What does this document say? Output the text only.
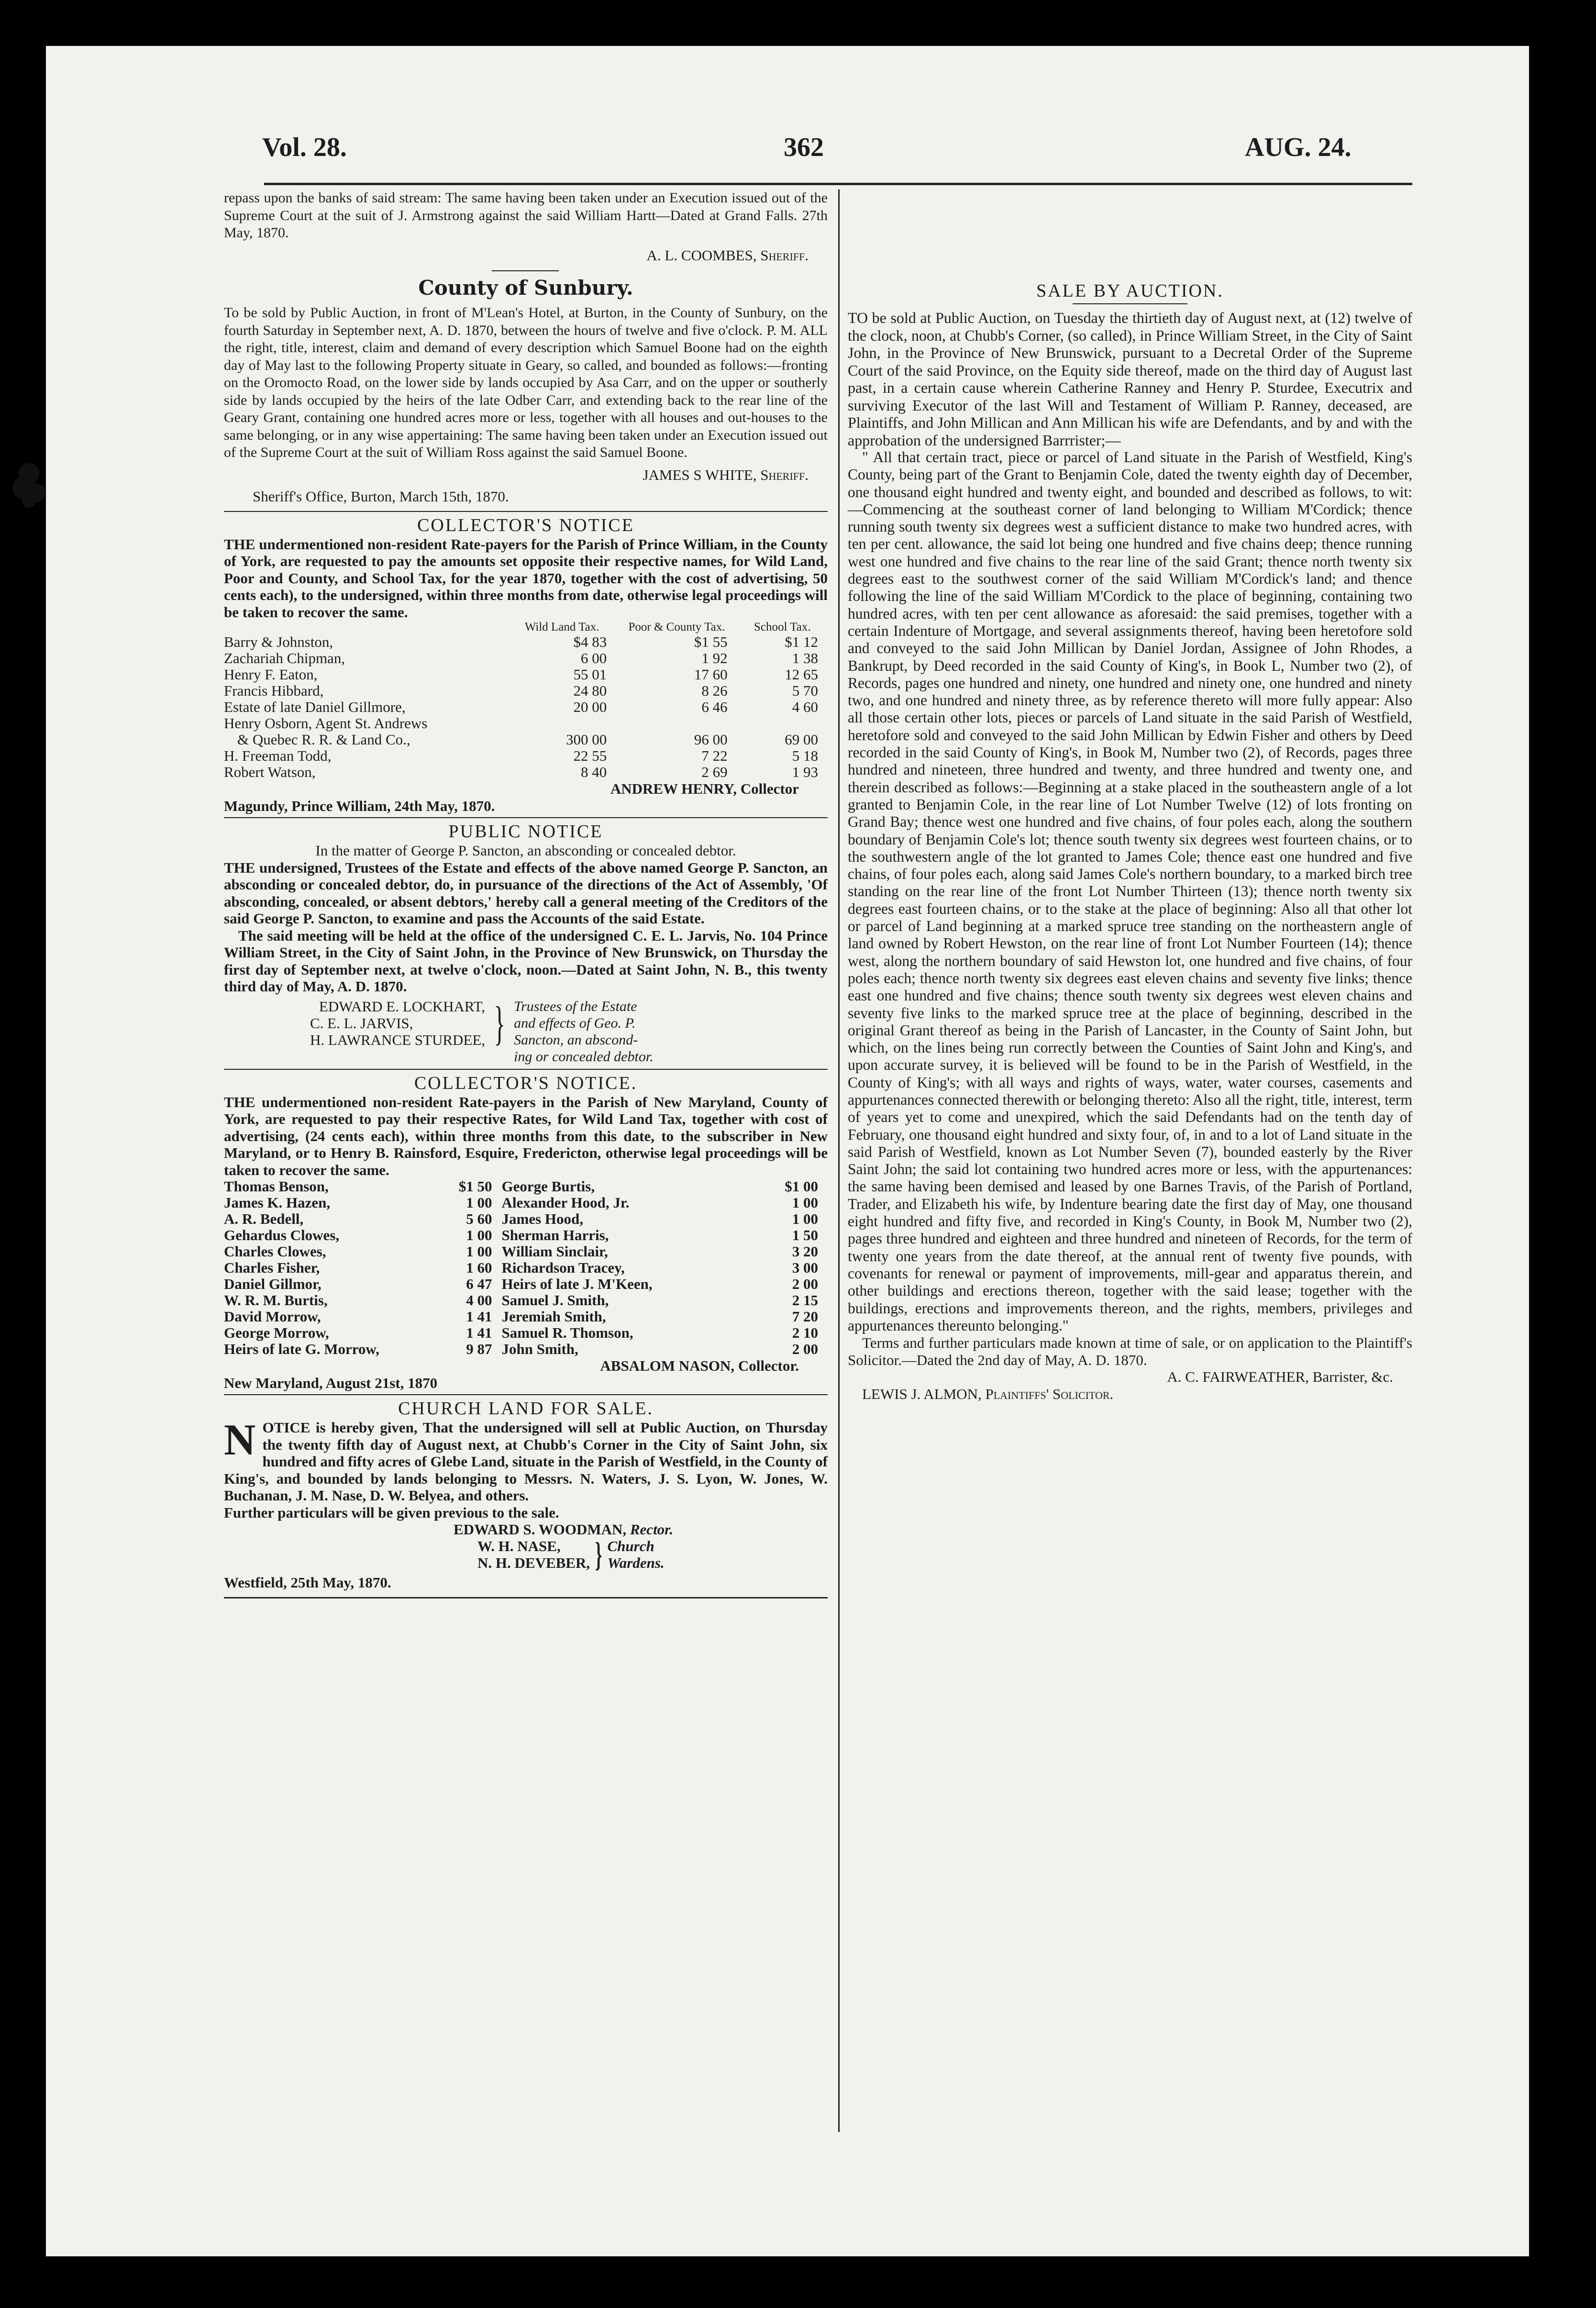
Vol. 28.	362	AUG. 24.

repass upon the banks of said stream: The same having been taken under an Execution issued out of the Supreme Court at the suit of J. Armstrong against the said William Hartt—Dated at Grand Falls. 27th May, 1870.

A. L. COOMBES, Sheriff.

County of Sunbury.

To be sold by Public Auction, in front of M'Lean's Hotel, at Burton, in the County of Sunbury, on the fourth Saturday in September next, A. D. 1870, between the hours of twelve and five o'clock. P. M. ALL the right, title, interest, claim and demand of every description which Samuel Boone had on the eighth day of May last to the following Property situate in Geary, so called, and bounded as follows:—fronting on the Oromocto Road, on the lower side by lands occupied by Asa Carr, and on the upper or southerly side by lands occupied by the heirs of the late Odber Carr, and extending back to the rear line of the Geary Grant, containing one hundred acres more or less, together with all houses and out-houses to the same belonging, or in any wise appertaining: The same having been taken under an Execution issued out of the Supreme Court at the suit of William Ross against the said Samuel Boone.

JAMES S WHITE, Sheriff.

Sheriff's Office, Burton, March 15th, 1870.

COLLECTOR'S NOTICE

THE undermentioned non-resident Rate-payers for the Parish of Prince William, in the County of York, are requested to pay the amounts set opposite their respective names, for Wild Land, Poor and County, and School Tax, for the year 1870, together with the cost of advertising, 50 cents each), to the undersigned, within three months from date, otherwise legal proceedings will be taken to recover the same.

	Wild Land Tax.	Poor & County Tax.	School Tax.
Barry & Johnston,	$4 83	$1 55	$1 12
Zachariah Chipman,	6 00	1 92	1 38
Henry F. Eaton,	55 01	17 60	12 65
Francis Hibbard,	24 80	8 26	5 70
Estate of late Daniel Gillmore,	20 00	6 46	4 60
Henry Osborn, Agent St. Andrews			
& Quebec R. R. & Land Co.,	300 00	96 00	69 00
H. Freeman Todd,	22 55	7 22	5 18
Robert Watson,	8 40	2 69	1 93

ANDREW HENRY, Collector

Magundy, Prince William, 24th May, 1870.

PUBLIC NOTICE

In the matter of George P. Sancton, an absconding or concealed debtor.

THE undersigned, Trustees of the Estate and effects of the above named George P. Sancton, an absconding or concealed debtor, do, in pursuance of the directions of the Act of Assembly, 'Of absconding, concealed, or absent debtors,' hereby call a general meeting of the Creditors of the said George P. Sancton, to examine and pass the Accounts of the said Estate.

The said meeting will be held at the office of the undersigned C. E. L. Jarvis, No. 104 Prince William Street, in the City of Saint John, in the Province of New Brunswick, on Thursday the first day of September next, at twelve o'clock, noon.—Dated at Saint John, N. B., this twenty third day of May, A. D. 1870.

EDWARD E. LOCKHART,
C. E. L. JARVIS,
H. LAWRANCE STURDEE, } Trustees of the Estate
and effects of Geo. P.
Sancton, an abscond-
ing or concealed debtor.

COLLECTOR'S NOTICE.

THE undermentioned non-resident Rate-payers in the Parish of New Maryland, County of York, are requested to pay their respective Rates, for Wild Land Tax, together with cost of advertising, (24 cents each), within three months from this date, to the subscriber in New Maryland, or to Henry B. Rainsford, Esquire, Fredericton, otherwise legal proceedings will be taken to recover the same.

Thomas Benson,	$1 50	George Burtis,	$1 00
James K. Hazen,	1 00	Alexander Hood, Jr.	1 00
A. R. Bedell,	5 60	James Hood,	1 00
Gehardus Clowes,	1 00	Sherman Harris,	1 50
Charles Clowes,	1 00	William Sinclair,	3 20
Charles Fisher,	1 60	Richardson Tracey,	3 00
Daniel Gillmor,	6 47	Heirs of late J. M'Keen,	2 00
W. R. M. Burtis,	4 00	Samuel J. Smith,	2 15
David Morrow,	1 41	Jeremiah Smith,	7 20
George Morrow,	1 41	Samuel R. Thomson,	2 10
Heirs of late G. Morrow,	9 87	John Smith,	2 00

ABSALOM NASON, Collector.

New Maryland, August 21st, 1870

CHURCH LAND FOR SALE.

N OTICE is hereby given, That the undersigned will sell at Public Auction, on Thursday the twenty fifth day of August next, at Chubb's Corner in the City of Saint John, six hundred and fifty acres of Glebe Land, situate in the Parish of Westfield, in the County of King's, and bounded by lands belonging to Messrs. N. Waters, J. S. Lyon, W. Jones, W. Buchanan, J. M. Nase, D. W. Belyea, and others.

Further particulars will be given previous to the sale.

EDWARD S. WOODMAN, Rector.
W. H. NASE,
N. H. DEVEBER, } Church
Wardens.

Westfield, 25th May, 1870.

SALE BY AUCTION.

TO be sold at Public Auction, on Tuesday the thirtieth day of August next, at (12) twelve of the clock, noon, at Chubb's Corner, (so called), in Prince William Street, in the City of Saint John, in the Province of New Brunswick, pursuant to a Decretal Order of the Supreme Court of the said Province, on the Equity side thereof, made on the third day of August last past, in a certain cause wherein Catherine Ranney and Henry P. Sturdee, Executrix and surviving Executor of the last Will and Testament of William P. Ranney, deceased, are Plaintiffs, and John Millican and Ann Millican his wife are Defendants, and by and with the approbation of the undersigned Barrrister;—

" All that certain tract, piece or parcel of Land situate in the Parish of Westfield, King's County, being part of the Grant to Benjamin Cole, dated the twenty eighth day of December, one thousand eight hundred and twenty eight, and bounded and described as follows, to wit:—Commencing at the southeast corner of land belonging to William M'Cordick; thence running south twenty six degrees west a sufficient distance to make two hundred acres, with ten per cent. allowance, the said lot being one hundred and five chains deep; thence running west one hundred and five chains to the rear line of the said Grant; thence north twenty six degrees east to the southwest corner of the said William M'Cordick's land; and thence following the line of the said William M'Cordick to the place of beginning, containing two hundred acres, with ten per cent allowance as aforesaid: the said premises, together with a certain Indenture of Mortgage, and several assignments thereof, having been heretofore sold and conveyed to the said John Millican by Daniel Jordan, Assignee of John Rhodes, a Bankrupt, by Deed recorded in the said County of King's, in Book L, Number two (2), of Records, pages one hundred and ninety, one hundred and ninety one, one hundred and ninety two, and one hundred and ninety three, as by reference thereto will more fully appear: Also all those certain other lots, pieces or parcels of Land situate in the said Parish of Westfield, heretofore sold and conveyed to the said John Millican by Edwin Fisher and others by Deed recorded in the said County of King's, in Book M, Number two (2), of Records, pages three hundred and nineteen, three hundred and twenty, and three hundred and twenty one, and therein described as follows:—Beginning at a stake placed in the southeastern angle of a lot granted to Benjamin Cole, in the rear line of Lot Number Twelve (12) of lots fronting on Grand Bay; thence west one hundred and five chains, of four poles each, along the southern boundary of Benjamin Cole's lot; thence south twenty six degrees west fourteen chains, or to the southwestern angle of the lot granted to James Cole; thence east one hundred and five chains, of four poles each, along said James Cole's northern boundary, to a marked birch tree standing on the rear line of the front Lot Number Thirteen (13); thence north twenty six degrees east fourteen chains, or to the stake at the place of beginning: Also all that other lot or parcel of Land beginning at a marked spruce tree standing on the northeastern angle of land owned by Robert Hewston, on the rear line of front Lot Number Fourteen (14); thence west, along the northern boundary of said Hewston lot, one hundred and five chains, of four poles each; thence north twenty six degrees east eleven chains and seventy five links; thence east one hundred and five chains; thence south twenty six degrees west eleven chains and seventy five links to the marked spruce tree at the place of beginning, described in the original Grant thereof as being in the Parish of Lancaster, in the County of Saint John, but which, on the lines being run correctly between the Counties of Saint John and King's, and upon accurate survey, it is believed will be found to be in the Parish of Westfield, in the County of King's; with all ways and rights of ways, water, water courses, casements and appurtenances connected therewith or belonging thereto: Also all the right, title, interest, term of years yet to come and unexpired, which the said Defendants had on the tenth day of February, one thousand eight hundred and sixty four, of, in and to a lot of Land situate in the said Parish of Westfield, known as Lot Number Seven (7), bounded easterly by the River Saint John; the said lot containing two hundred acres more or less, with the appurtenances: the same having been demised and leased by one Barnes Travis, of the Parish of Portland, Trader, and Elizabeth his wife, by Indenture bearing date the first day of May, one thousand eight hundred and fifty five, and recorded in King's County, in Book M, Number two (2), pages three hundred and eighteen and three hundred and nineteen of Records, for the term of twenty one years from the date thereof, at the annual rent of twenty five pounds, with covenants for renewal or payment of improvements, mill-gear and apparatus therein, and other buildings and erections thereon, together with the said lease; together with the buildings, erections and improvements thereon, and the rights, members, privileges and appurtenances thereunto belonging."

Terms and further particulars made known at time of sale, or on application to the Plaintiff's Solicitor.—Dated the 2nd day of May, A. D. 1870.

A. C. FAIRWEATHER, Barrister, &c.

LEWIS J. ALMON, Plaintiffs' Solicitor.
